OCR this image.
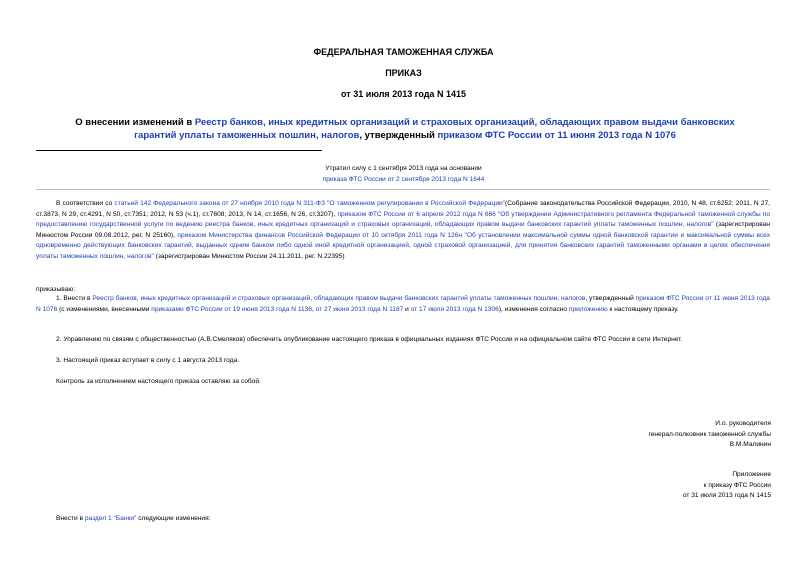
ФЕДЕРАЛЬНАЯ ТАМОЖЕННАЯ СЛУЖБА
ПРИКАЗ
от 31 июля 2013 года N 1415
О внесении изменений в Реестр банков, иных кредитных организаций и страховых организаций, обладающих правом выдачи банковских гарантий уплаты таможенных пошлин, налогов, утвержденный приказом ФТС России от 11 июня 2013 года N 1076
Утратил силу с 1 сентября 2013 года на основании
приказа ФТС России от 2 сентября 2013 года N 1644

В соответствии со статьей 142 Федерального закона от 27 ноября 2010 года N 311-ФЗ "О таможенном регулировании в Российской Федерации"(Собрание законодательства Российской Федерации, 2010, N 48, ст.6252; 2011, N 27, ст.3873, N 29, ст.4291, N 50, ст.7351; 2012, N 53 (ч.1), ст.7608; 2013, N 14, ст.1656, N 26, ст.3207), приказом ФТС России от 6 апреля 2012 года N 666 "Об утверждении Административного регламента Федеральной таможенной службы по предоставлению государственной услуги по ведению реестра банков, иных кредитных организаций и страховых организаций, обладающих правом выдачи банковских гарантий уплаты таможенных пошлин, налогов" (зарегистрирован Минюстом России 09.08.2012, рег. N 25160), приказом Министерства финансов Российской Федерации от 10 октября 2011 года N 126н "Об установлении максимальной суммы одной банковской гарантии и максимальной суммы всех одновременно действующих банковских гарантий, выданных одним банком либо одной иной кредитной организацией, одной страховой организацией, для принятия банковских гарантий таможенными органами в целях обеспечения уплаты таможенных пошлин, налогов" (зарегистрирован Минюстом России 24.11.2011, рег. N 22395)

приказываю:

1. Внести в Реестр банков, иных кредитных организаций и страховых организаций, обладающих правом выдачи банковских гарантий уплаты таможенных пошлин, налогов, утвержденный приказом ФТС России от 11 июня 2013 года N 1076 (с изменениями, внесенными приказами ФТС России от 19 июня 2013 года N 1136, от 27 июня 2013 года N 1187 и от 17 июля 2013 года N 1306), изменения согласно приложению к настоящему приказу.

2. Управлению по связям с общественностью (А.В.Смеляков) обеспечить опубликование настоящего приказа в официальных изданиях ФТС России и на официальном сайте ФТС России в сети Интернет.

3. Настоящий приказ вступает в силу с 1 августа 2013 года.

Контроль за исполнением настоящего приказа оставляю за собой.

И.о. руководителя
генерал-полковник таможенной службы
В.М.Малинин
Приложение
к приказу ФТС России
от 31 июля 2013 года N 1415

Внести в раздел 1 "Банки" следующие изменения:
